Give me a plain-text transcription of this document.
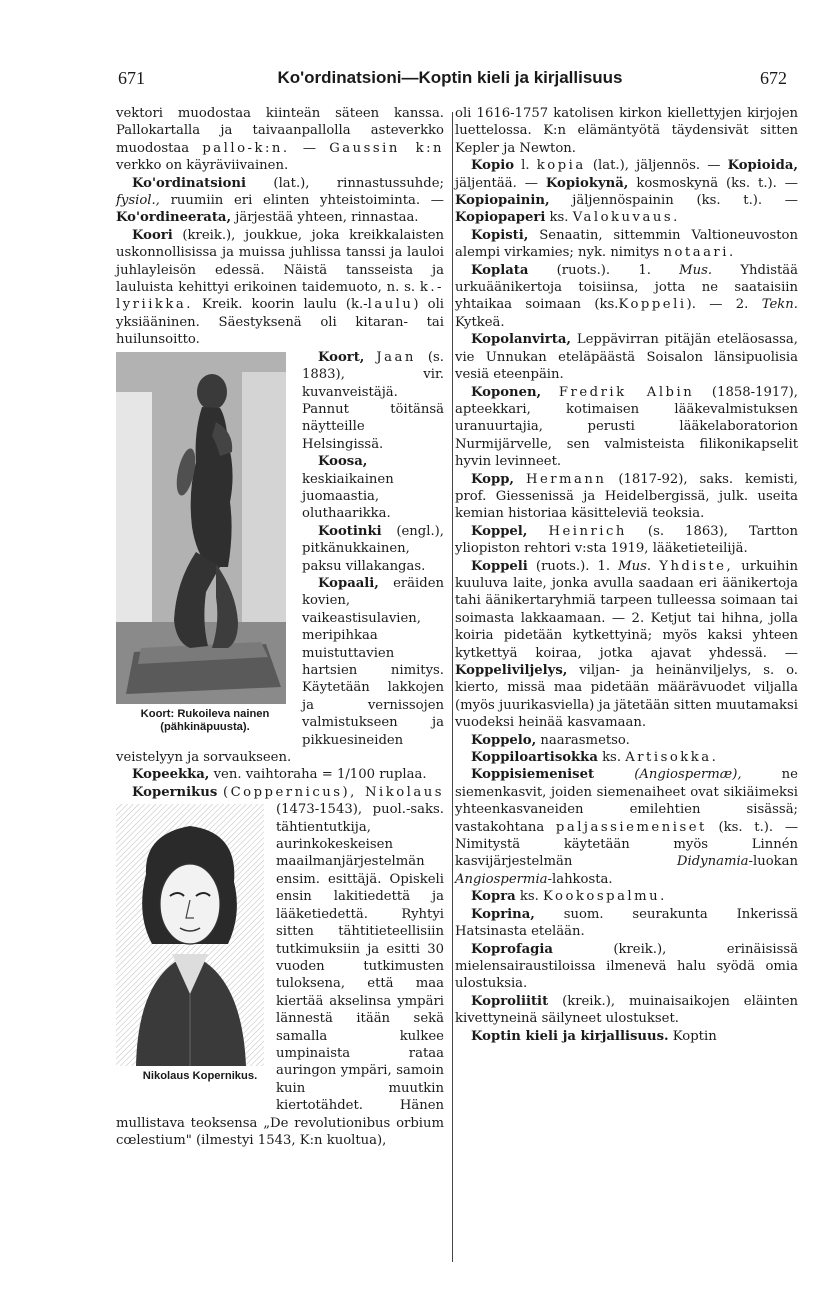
671	Ko'ordinatsioni—Koptin kieli ja kirjallisuus	672

vektori muodostaa kiinteän säteen kanssa. Pallokartalla ja taivaanpallolla asteverkko muodostaa pallo-k:n. — Gaussin k:n verkko on käyräviivainen.

Ko'ordinatsioni (lat.), rinnastussuhde; fysiol., ruumiin eri elinten yhteistoiminta. — Ko'ordineerata, järjestää yhteen, rinnastaa.

Koori (kreik.), joukkue, joka kreikkalaisten uskonnollisissa ja muissa juhlissa tanssi ja lauloi juhlayleisön edessä. Näistä tansseista ja lauluista kehittyi erikoinen taidemuoto, n. s. k.-lyriikka. Kreik. koorin laulu (k.-laulu) oli yksiääninen. Säestyksenä oli kitaran- tai huilunsoitto.

Koort: Rukoileva nainen (pähkinäpuusta).

Koort, Jaan (s. 1883), vir. kuvanveistäjä. Pannut töitänsä näytteille Helsingissä.

Koosa, keskiaikainen juomaastia, oluthaarikka.

Kootinki (engl.), pitkänukkainen, paksu villakangas.

Kopaali, eräiden kovien, vaikeastisulavien, meripihkaa muistuttavien hartsien nimitys. Käytetään lakkojen ja vernissojen valmistukseen ja pikkuesineiden veistelyyn ja sorvaukseen.

Kopeekka, ven. vaihtoraha = 1/100 ruplaa.

Kopernikus (Coppernicus), Nikolaus
Nikolaus Kopernikus.
(1473-1543), puol.-saks. tähtientutkija, aurinkokeskeisen maailmanjärjestelmän ensim. esittäjä. Opiskeli ensin lakitiedettä ja lääketiedettä. Ryhtyi sitten tähtitieteellisiin tutkimuksiin ja esitti 30 vuoden tutkimusten tuloksena, että maa kiertää akselinsa ympäri lännestä itään sekä samalla kulkee umpinaista rataa auringon ympäri, samoin kuin muutkin kiertotähdet. Hänen mullistava teoksensa „De revolutionibus orbium cœlestium" (ilmestyi 1543, K:n kuoltua),

oli 1616-1757 katolisen kirkon kiellettyjen kirjojen luettelossa. K:n elämäntyötä täydensivät sitten Kepler ja Newton.

Kopio l. kopia (lat.), jäljennös. — Kopioida, jäljentää. — Kopiokynä, kosmoskynä (ks. t.). — Kopiopainin, jäljennöspainin (ks. t.). — Kopiopaperi ks. Valokuvaus.

Kopisti, Senaatin, sittemmin Valtioneuvoston alempi virkamies; nyk. nimitys notaari.

Koplata (ruots.). 1. Mus. Yhdistää urkuäänikertoja toisiinsa, jotta ne saataisiin yhtaikaa soimaan (ks.Koppeli). — 2. Tekn. Kytkeä.

Kopolanvirta, Leppävirran pitäjän eteläosassa, vie Unnukan eteläpäästä Soisalon länsipuolisia vesiä eteenpäin.

Koponen, Fredrik Albin (1858-1917), apteekkari, kotimaisen lääkevalmistuksen uranuurtajia, perusti lääkelaboratorion Nurmijärvelle, sen valmisteista filikonikapselit hyvin levinneet.

Kopp, Hermann (1817-92), saks. kemisti, prof. Giessenissä ja Heidelbergissä, julk. useita kemian historiaa käsitteleviä teoksia.

Koppel, Heinrich (s. 1863), Tartton yliopiston rehtori v:sta 1919, lääketieteilijä.

Koppeli (ruots.). 1. Mus. Yhdiste, urkuihin kuuluva laite, jonka avulla saadaan eri äänikertoja tahi äänikertaryhmiä tarpeen tulleessa soimaan tai soimasta lakkaamaan. — 2. Ketjut tai hihna, jolla koiria pidetään kytkettyinä; myös kaksi yhteen kytkettyä koiraa, jotka ajavat yhdessä. — Koppeliviljelys, viljan- ja heinänviljelys, s. o. kierto, missä maa pidetään määrävuodet viljalla (myös juurikasviella) ja jätetään sitten muutamaksi vuodeksi heinää kasvamaan.

Koppelo, naarasmetso.

Koppiloartisokka ks. Artisokka.

Koppisiemeniset	(Angiospermæ),	ne siemenkasvit, joiden siemenaiheet ovat sikiäimeksi yhteenkasvaneiden emilehtien sisässä; vastakohtana paljassiemeniset (ks. t.). — Nimitystä käytetään myös Linnén kasvijärjestelmän	Didynamia-luokan Angiospermia-lahkosta.

Kopra ks. Kookospalmu.

Koprina, suom. seurakunta Inkerissä Hatsinasta etelään.

Koprofagia	(kreik.), erinäisissä mielensairaustiloissa ilmenevä halu syödä omia ulostuksia.

Koproliitit (kreik.), muinaisaikojen eläinten kivettyneinä säilyneet ulostukset.

Koptin kieli ja kirjallisuus. Koptin
